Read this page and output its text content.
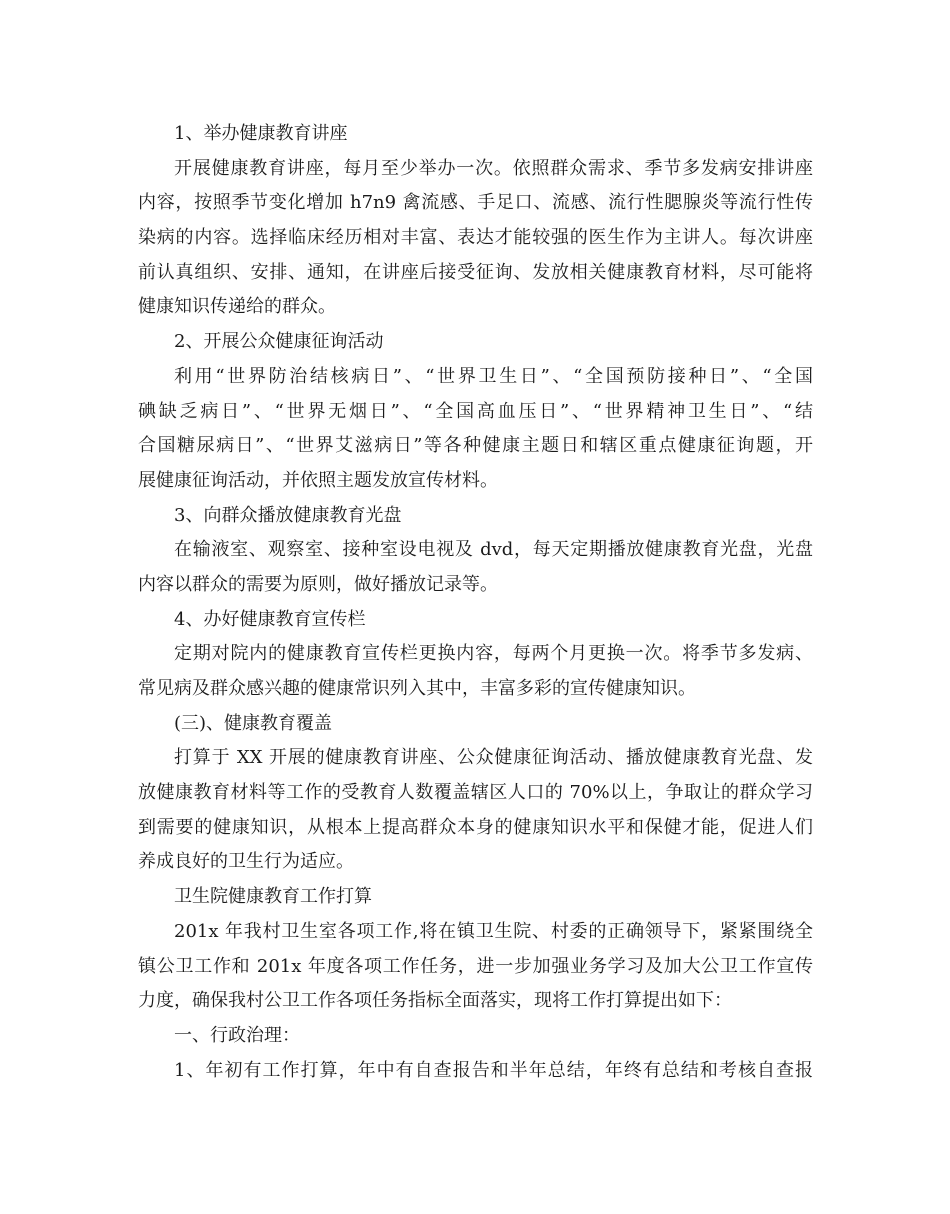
1、举办健康教育讲座
开展健康教育讲座，每月至少举办一次。依照群众需求、季节多发病安排讲座
内容，按照季节变化增加 h7n9 禽流感、手足口、流感、流行性腮腺炎等流行性传
染病的内容。选择临床经历相对丰富、表达才能较强的医生作为主讲人。每次讲座
前认真组织、安排、通知，在讲座后接受征询、发放相关健康教育材料，尽可能将
健康知识传递给的群众。
2、开展公众健康征询活动
利用“世界防治结核病日”、“世界卫生日”、“全国预防接种日”、“全国
碘缺乏病日”、“世界无烟日”、“全国高血压日”、“世界精神卫生日”、“结
合国糖尿病日”、“世界艾滋病日”等各种健康主题日和辖区重点健康征询题，开
展健康征询活动，并依照主题发放宣传材料。
3、向群众播放健康教育光盘
在输液室、观察室、接种室设电视及 dvd，每天定期播放健康教育光盘，光盘
内容以群众的需要为原则，做好播放记录等。
4、办好健康教育宣传栏
定期对院内的健康教育宣传栏更换内容，每两个月更换一次。将季节多发病、
常见病及群众感兴趣的健康常识列入其中，丰富多彩的宣传健康知识。
(三)、健康教育覆盖
打算于 XX 开展的健康教育讲座、公众健康征询活动、播放健康教育光盘、发
放健康教育材料等工作的受教育人数覆盖辖区人口的 70%以上，争取让的群众学习
到需要的健康知识，从根本上提高群众本身的健康知识水平和保健才能，促进人们
养成良好的卫生行为适应。
卫生院健康教育工作打算
201x 年我村卫生室各项工作,将在镇卫生院、村委的正确领导下，紧紧围绕全
镇公卫工作和 201x 年度各项工作任务，进一步加强业务学习及加大公卫工作宣传
力度，确保我村公卫工作各项任务指标全面落实，现将工作打算提出如下：
一、行政治理：
1、年初有工作打算，年中有自查报告和半年总结，年终有总结和考核自查报
